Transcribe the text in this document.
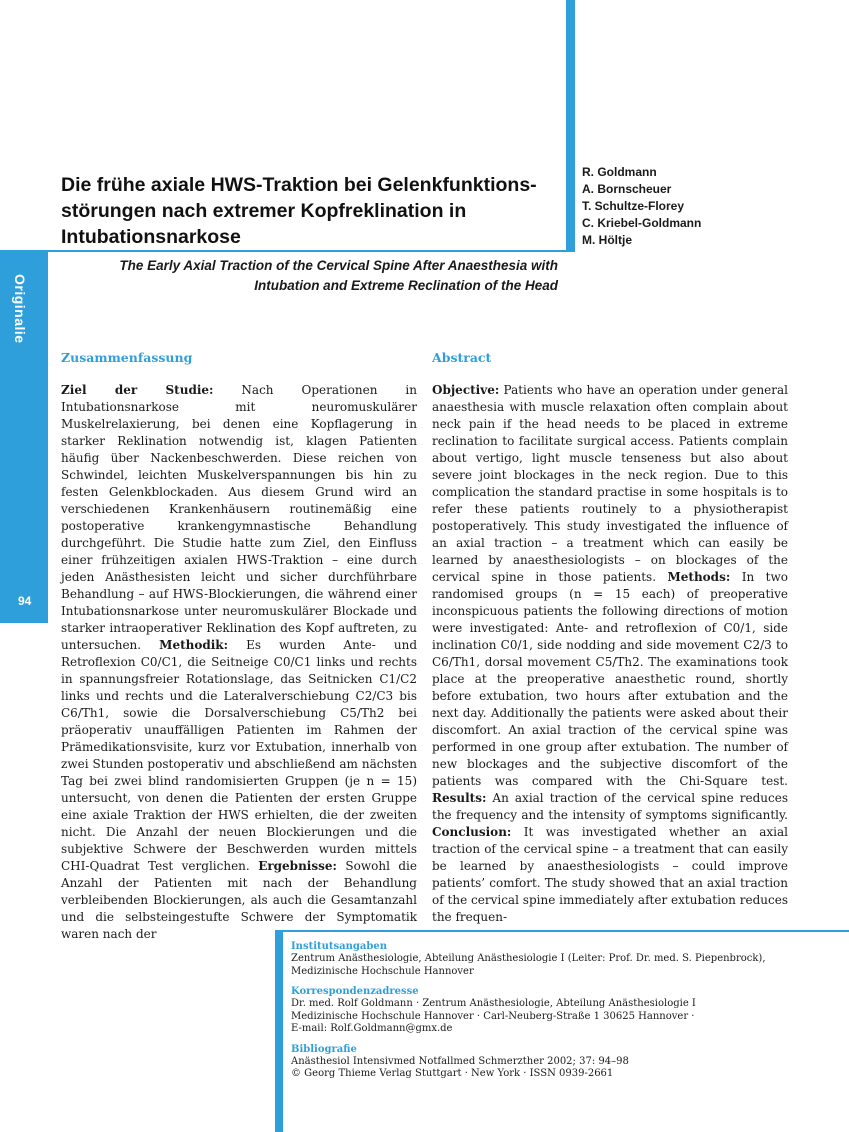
Originalie
94
Die frühe axiale HWS-Traktion bei Gelenkfunktions-störungen nach extremer Kopfreklination in Intubationsnarkose
R. Goldmann
A. Bornscheuer
T. Schultze-Florey
C. Kriebel-Goldmann
M. Höltje

The Early Axial Traction of the Cervical Spine After Anaesthesia with Intubation and Extreme Reclination of the Head

Zusammenfassung

Ziel der Studie: Nach Operationen in Intubationsnarkose mit neuromuskulärer Muskelrelaxierung, bei denen eine Kopflagerung in starker Reklination notwendig ist, klagen Patienten häufig über Nackenbeschwerden. Diese reichen von Schwindel, leichten Muskelverspannungen bis hin zu festen Gelenkblockaden. Aus diesem Grund wird an verschiedenen Krankenhäusern routinemäßig eine postoperative krankengymnastische Behandlung durchgeführt. Die Studie hatte zum Ziel, den Einfluss einer frühzeitigen axialen HWS-Traktion – eine durch jeden Anästhesisten leicht und sicher durchführbare Behandlung – auf HWS-Blockierungen, die während einer Intubationsnarkose unter neuromuskulärer Blockade und starker intraoperativer Reklination des Kopf auftreten, zu untersuchen. Methodik: Es wurden Ante- und Retroflexion C0/C1, die Seitneige C0/C1 links und rechts in spannungsfreier Rotationslage, das Seitnicken C1/C2 links und rechts und die Lateralverschiebung C2/C3 bis C6/Th1, sowie die Dorsalverschiebung C5/Th2 bei präoperativ unauffälligen Patienten im Rahmen der Prämedikationsvisite, kurz vor Extubation, innerhalb von zwei Stunden postoperativ und abschließend am nächsten Tag bei zwei blind randomisierten Gruppen (je n = 15) untersucht, von denen die Patienten der ersten Gruppe eine axiale Traktion der HWS erhielten, die der zweiten nicht. Die Anzahl der neuen Blockierungen und die subjektive Schwere der Beschwerden wurden mittels CHI-Quadrat Test verglichen. Ergebnisse: Sowohl die Anzahl der Patienten mit nach der Behandlung verbleibenden Blockierungen, als auch die Gesamtanzahl und die selbsteingestufte Schwere der Symptomatik waren nach der

Abstract

Objective: Patients who have an operation under general anaesthesia with muscle relaxation often complain about neck pain if the head needs to be placed in extreme reclination to facilitate surgical access. Patients complain about vertigo, light muscle tenseness but also about severe joint blockages in the neck region. Due to this complication the standard practise in some hospitals is to refer these patients routinely to a physiotherapist postoperatively. This study investigated the influence of an axial traction – a treatment which can easily be learned by anaesthesiologists – on blockages of the cervical spine in those patients. Methods: In two randomised groups (n = 15 each) of preoperative inconspicuous patients the following directions of motion were investigated: Ante- and retroflexion of C0/1, side inclination C0/1, side nodding and side movement C2/3 to C6/Th1, dorsal movement C5/Th2. The examinations took place at the preoperative anaesthetic round, shortly before extubation, two hours after extubation and the next day. Additionally the patients were asked about their discomfort. An axial traction of the cervical spine was performed in one group after extubation. The number of new blockages and the subjective discomfort of the patients was compared with the Chi-Square test. Results: An axial traction of the cervical spine reduces the frequency and the intensity of symptoms significantly. Conclusion: It was investigated whether an axial traction of the cervical spine – a treatment that can easily be learned by anaesthesiologists – could improve patients’ comfort. The study showed that an axial traction of the cervical spine immediately after extubation reduces the frequen-

Institutsangaben
Zentrum Anästhesiologie, Abteilung Anästhesiologie I (Leiter: Prof. Dr. med. S. Piepenbrock),
Medizinische Hochschule Hannover
Korrespondenzadresse
Dr. med. Rolf Goldmann · Zentrum Anästhesiologie, Abteilung Anästhesiologie I
Medizinische Hochschule Hannover · Carl-Neuberg-Straße 1 30625 Hannover ·
E-mail: Rolf.Goldmann@gmx.de
Bibliografie
Anästhesiol Intensivmed Notfallmed Schmerzther 2002; 37: 94–98
© Georg Thieme Verlag Stuttgart · New York · ISSN 0939-2661
